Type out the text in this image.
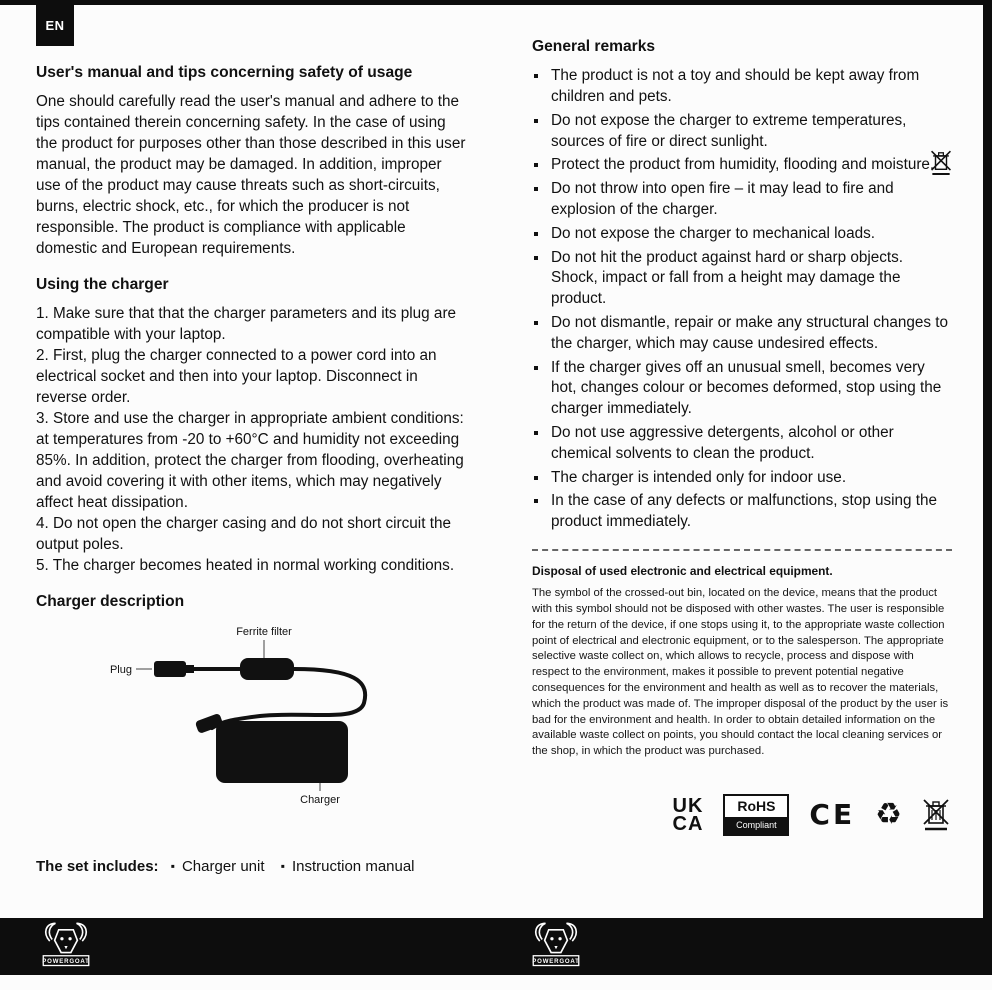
EN
User's manual and tips concerning safety of usage

One should carefully read the user's manual and adhere to the tips contained therein concerning safety. In the case of using the product for purposes other than those described in this user manual, the product may be damaged. In addition, improper use of the product may cause threats such as short-circuits, burns, electric shock, etc., for which the producer is not responsible. The product is compliance with applicable domestic and European requirements.

Using the charger

1. Make sure that that the charger parameters and its plug are compatible with your laptop.

2. First, plug the charger connected to a power cord into an electrical socket and then into your laptop. Disconnect in reverse order.

3. Store and use the charger in appropriate ambient conditions: at temperatures from -20 to +60°C and humidity not exceeding 85%. In addition, protect the charger from flooding, overheating and avoid covering it with other items, which may negatively affect heat dissipation.

4. Do not open the charger casing and do not short circuit the output poles.

5. The charger becomes heated in normal working conditions.

Charger description
Ferrite filter
Plug
Charger
The set includes: ▪ Charger unit ▪ Instruction manual
General remarks
▪ The product is not a toy and should be kept away from children and pets.
▪ Do not expose the charger to extreme temperatures, sources of fire or direct sunlight.
▪ Protect the product from humidity, flooding and moisture.
▪ Do not throw into open fire – it may lead to fire and explosion of the charger.
▪ Do not expose the charger to mechanical loads.
▪ Do not hit the product against hard or sharp objects. Shock, impact or fall from a height may damage the product.
▪ Do not dismantle, repair or make any structural changes to the charger, which may cause undesired effects.
▪ If the charger gives off an unusual smell, becomes very hot, changes colour or becomes deformed, stop using the charger immediately.
▪ Do not use aggressive detergents, alcohol or other chemical solvents to clean the product.
▪ The charger is intended only for indoor use.
▪ In the case of any defects or malfunctions, stop using the product immediately.
Disposal of used electronic and electrical equipment.

The symbol of the crossed-out bin, located on the device, means that the product with this symbol should not be disposed with other wastes. The user is responsible for the return of the device, if one stops using it, to the appropriate waste collection point of electrical and electronic equipment, or to the salesperson. The appropriate selective waste collect on, which allows to recycle, process and dispose with respect to the environment, makes it possible to prevent potential negative consequences for the environment and health as well as to recover the materials, which the product was made of. The improper disposal of the product by the user is bad for the environment and health. In order to obtain detailed information on the available waste collect on points, you should contact the local cleaning services or the shop, in which the product was purchased.

UK
CA
RoHS
Compliant	CE ♻
POWERGOAT	POWERGOAT
